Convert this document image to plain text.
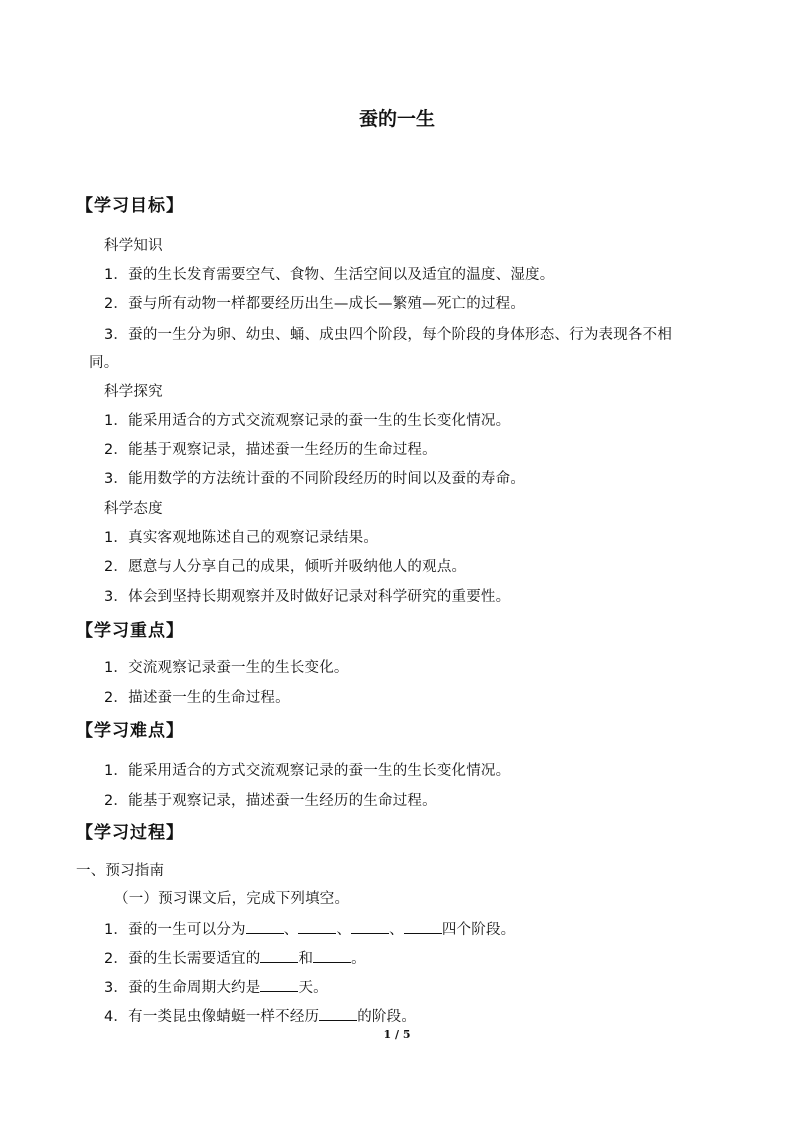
蚕的一生
【学习目标】
科学知识
1．蚕的生长发育需要空气、食物、生活空间以及适宜的温度、湿度。
2．蚕与所有动物一样都要经历出生—成长—繁殖—死亡的过程。
3．蚕的一生分为卵、幼虫、蛹、成虫四个阶段，每个阶段的身体形态、行为表现各不相
同。
科学探究
1．能采用适合的方式交流观察记录的蚕一生的生长变化情况。
2．能基于观察记录，描述蚕一生经历的生命过程。
3．能用数学的方法统计蚕的不同阶段经历的时间以及蚕的寿命。
科学态度
1．真实客观地陈述自己的观察记录结果。
2．愿意与人分享自己的成果，倾听并吸纳他人的观点。
3．体会到坚持长期观察并及时做好记录对科学研究的重要性。
【学习重点】
1．交流观察记录蚕一生的生长变化。
2．描述蚕一生的生命过程。
【学习难点】
1．能采用适合的方式交流观察记录的蚕一生的生长变化情况。
2．能基于观察记录，描述蚕一生经历的生命过程。
【学习过程】
一、预习指南
（一）预习课文后，完成下列填空。
1．蚕的一生可以分为	、	、	、	四个阶段。
2．蚕的生长需要适宜的	和	。
3．蚕的生命周期大约是	天。
4．有一类昆虫像蜻蜓一样不经历	的阶段。
1 / 5
